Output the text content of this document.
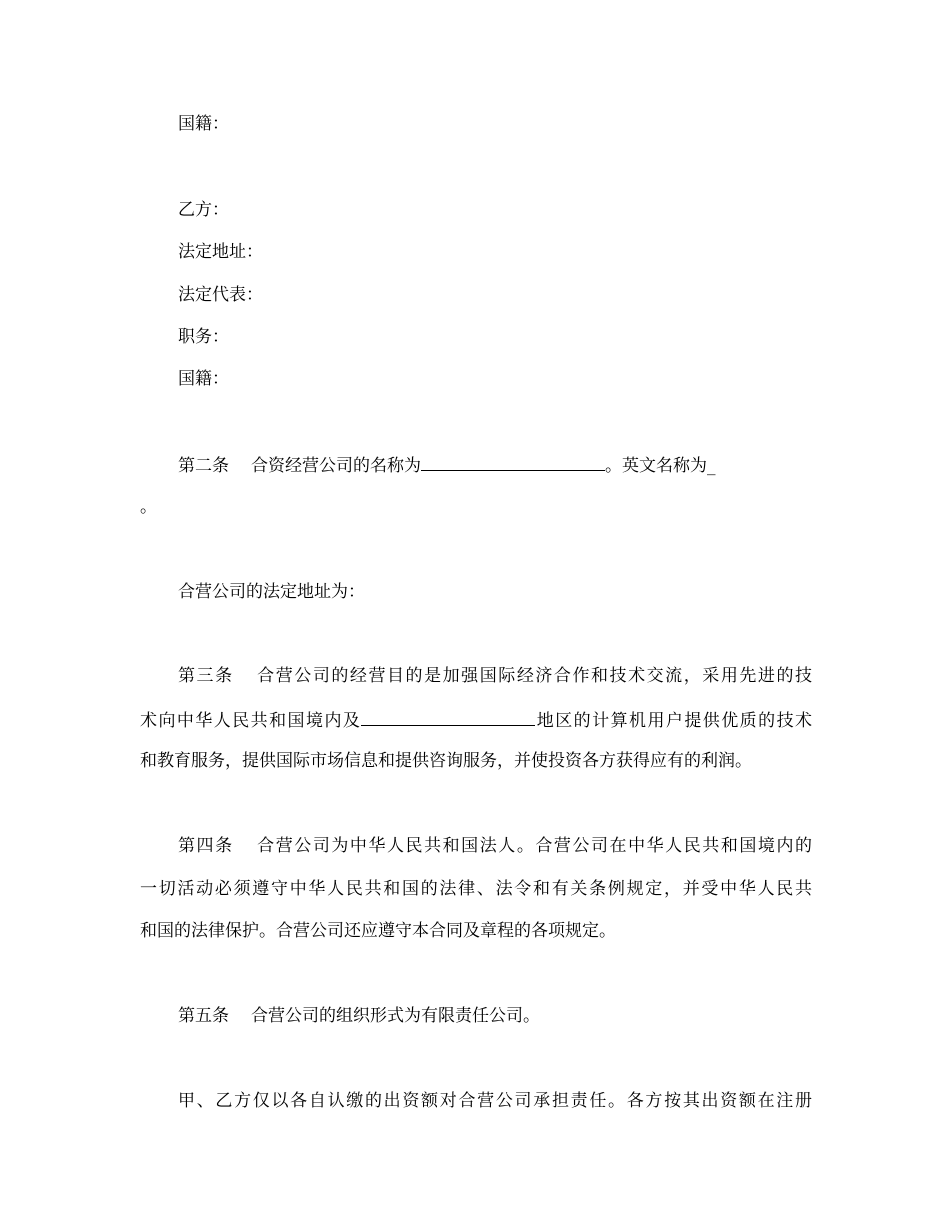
国籍：
乙方：
法定地址：
法定代表：
职务：
国籍：
第二条 合资经营公司的名称为	。英文名称为_
。
合营公司的法定地址为：
第三条 合营公司的经营目的是加强国际经济合作和技术交流，采用先进的技
术向中华人民共和国境内及	地区的计算机用户提供优质的技术
和教育服务，提供国际市场信息和提供咨询服务，并使投资各方获得应有的利润。
第四条 合营公司为中华人民共和国法人。合营公司在中华人民共和国境内的
一切活动必须遵守中华人民共和国的法律、法令和有关条例规定，并受中华人民共
和国的法律保护。合营公司还应遵守本合同及章程的各项规定。
第五条 合营公司的组织形式为有限责任公司。
甲、乙方仅以各自认缴的出资额对合营公司承担责任。各方按其出资额在注册
